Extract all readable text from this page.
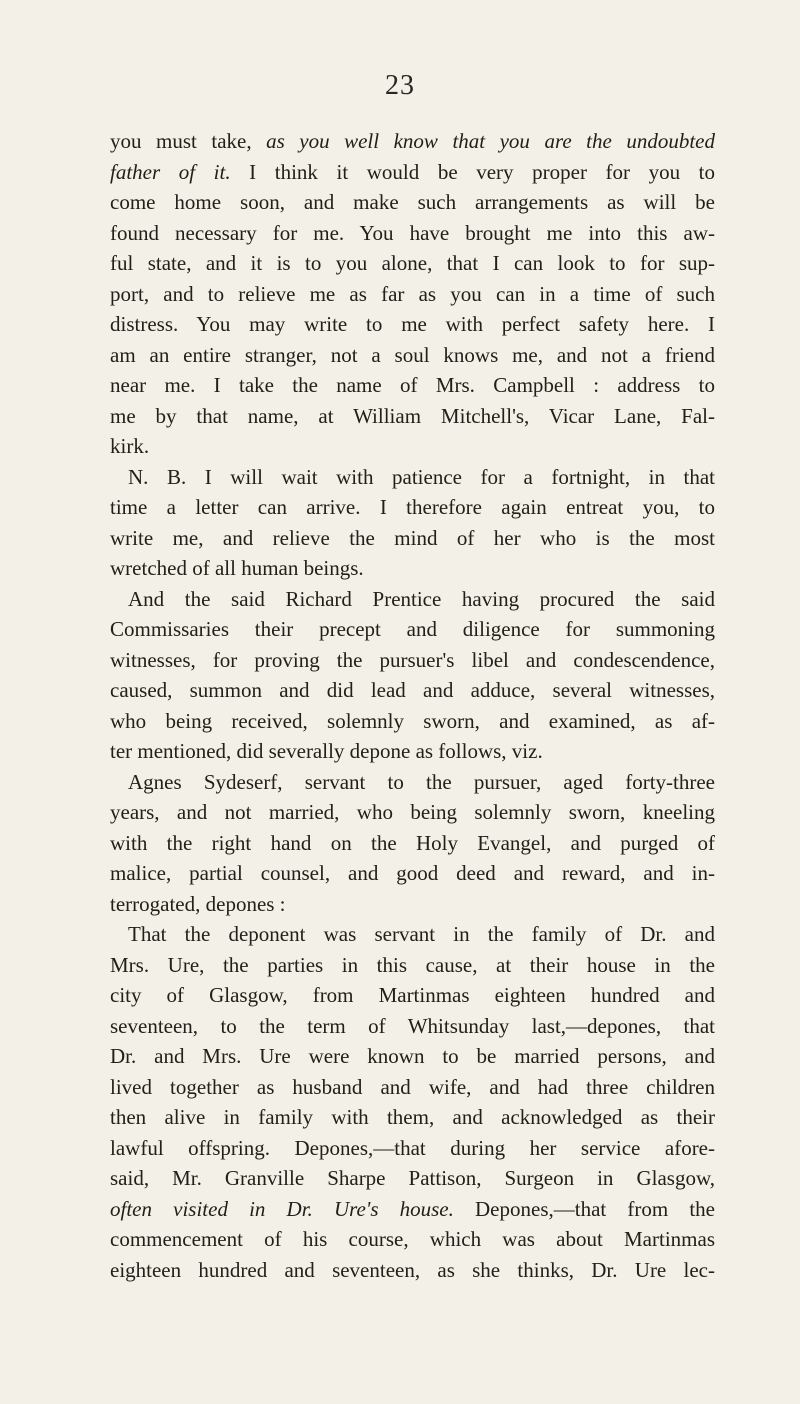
23
you must take, as you well know that you are the undoubted
father of it. I think it would be very proper for you to
come home soon, and make such arrangements as will be
found necessary for me. You have brought me into this aw-
ful state, and it is to you alone, that I can look to for sup-
port, and to relieve me as far as you can in a time of such
distress. You may write to me with perfect safety here. I
am an entire stranger, not a soul knows me, and not a friend
near me. I take the name of Mrs. Campbell : address to
me by that name, at William Mitchell's, Vicar Lane, Fal-
kirk.
N. B. I will wait with patience for a fortnight, in that
time a letter can arrive. I therefore again entreat you, to
write me, and relieve the mind of her who is the most
wretched of all human beings.
And the said Richard Prentice having procured the said
Commissaries their precept and diligence for summoning
witnesses, for proving the pursuer's libel and condescendence,
caused, summon and did lead and adduce, several witnesses,
who being received, solemnly sworn, and examined, as af-
ter mentioned, did severally depone as follows, viz.
Agnes Sydeserf, servant to the pursuer, aged forty-three
years, and not married, who being solemnly sworn, kneeling
with the right hand on the Holy Evangel, and purged of
malice, partial counsel, and good deed and reward, and in-
terrogated, depones :
That the deponent was servant in the family of Dr. and
Mrs. Ure, the parties in this cause, at their house in the
city of Glasgow, from Martinmas eighteen hundred and
seventeen, to the term of Whitsunday last,—depones, that
Dr. and Mrs. Ure were known to be married persons, and
lived together as husband and wife, and had three children
then alive in family with them, and acknowledged as their
lawful offspring. Depones,—that during her service afore-
said, Mr. Granville Sharpe Pattison, Surgeon in Glasgow,
often visited in Dr. Ure's house. Depones,—that from the
commencement of his course, which was about Martinmas
eighteen hundred and seventeen, as she thinks, Dr. Ure lec-
